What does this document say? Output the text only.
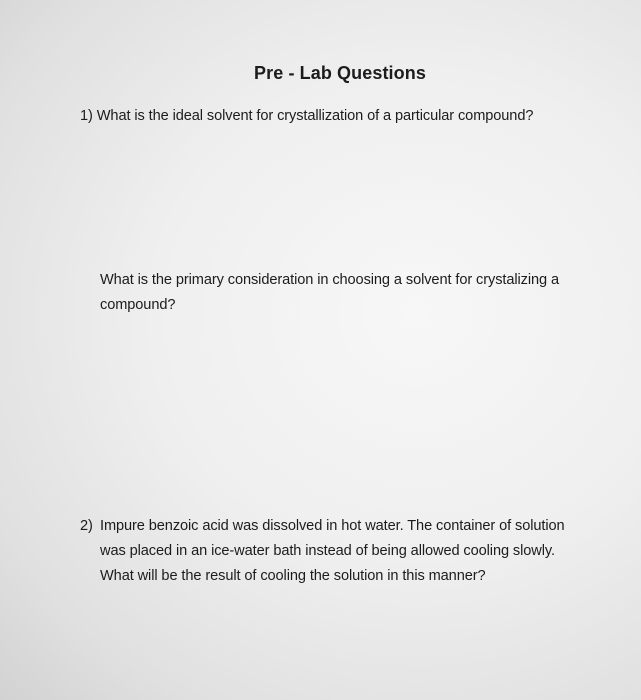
Pre - Lab Questions
1) What is the ideal solvent for crystallization of a particular compound?
What is the primary consideration in choosing a solvent for crystalizing a
compound?
2) Impure benzoic acid was dissolved in hot water. The container of solution
was placed in an ice-water bath instead of being allowed cooling slowly.
What will be the result of cooling the solution in this manner?
